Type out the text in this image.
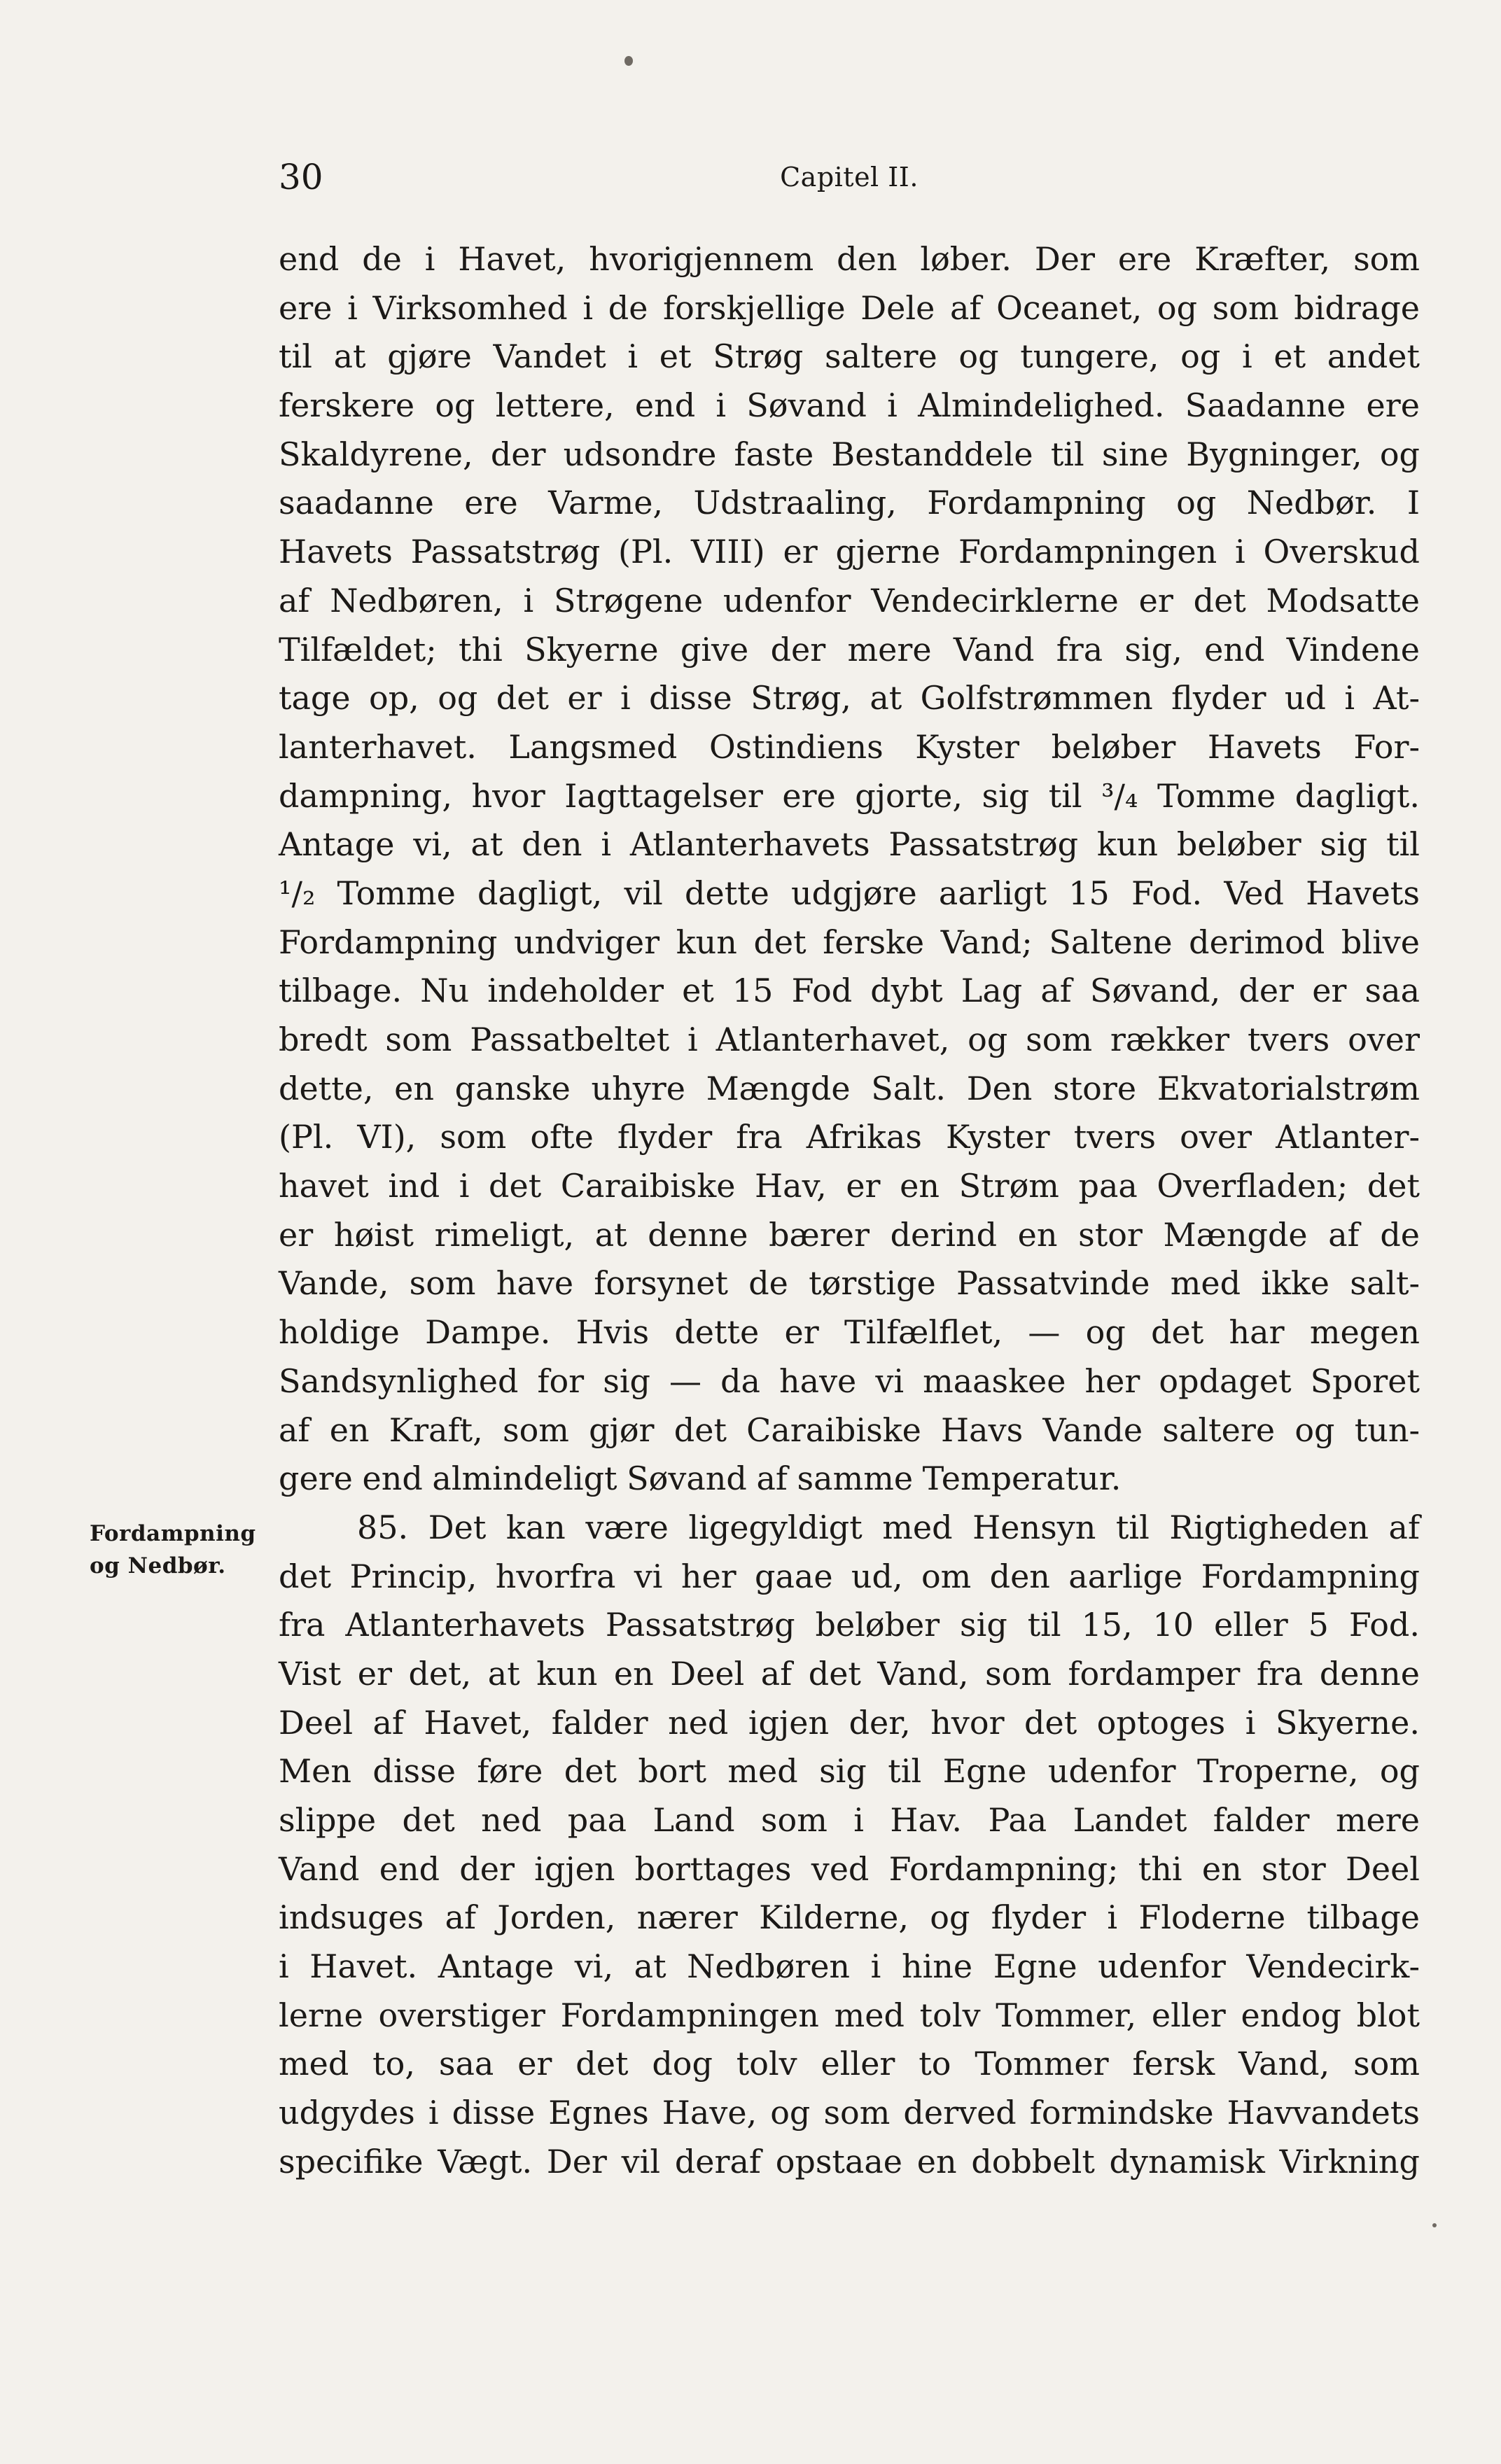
30	Capitel II.
Fordampning
og Nedbør.
end de i Havet, hvorigjennem den løber. Der ere Kræfter, som
ere i Virksomhed i de forskjellige Dele af Oceanet, og som bidrage
til at gjøre Vandet i et Strøg saltere og tungere, og i et andet
ferskere og lettere, end i Søvand i Almindelighed. Saadanne ere
Skaldyrene, der udsondre faste Bestanddele til sine Bygninger, og
saadanne ere Varme, Udstraaling, Fordampning og Nedbør. I
Havets Passatstrøg (Pl. VIII) er gjerne Fordampningen i Overskud
af Nedbøren, i Strøgene udenfor Vendecirklerne er det Modsatte
Tilfældet; thi Skyerne give der mere Vand fra sig, end Vindene
tage op, og det er i disse Strøg, at Golfstrømmen flyder ud i At-
lanterhavet. Langsmed Ostindiens Kyster beløber Havets For-
dampning, hvor Iagttagelser ere gjorte, sig til ³/₄ Tomme dagligt.
Antage vi, at den i Atlanterhavets Passatstrøg kun beløber sig til
¹/₂ Tomme dagligt, vil dette udgjøre aarligt 15 Fod. Ved Havets
Fordampning undviger kun det ferske Vand; Saltene derimod blive
tilbage. Nu indeholder et 15 Fod dybt Lag af Søvand, der er saa
bredt som Passatbeltet i Atlanterhavet, og som rækker tvers over
dette, en ganske uhyre Mængde Salt. Den store Ekvatorialstrøm
(Pl. VI), som ofte flyder fra Afrikas Kyster tvers over Atlanter-
havet ind i det Caraibiske Hav, er en Strøm paa Overfladen; det
er høist rimeligt, at denne bærer derind en stor Mængde af de
Vande, som have forsynet de tørstige Passatvinde med ikke salt-
holdige Dampe. Hvis dette er Tilfælflet, — og det har megen
Sandsynlighed for sig — da have vi maaskee her opdaget Sporet
af en Kraft, som gjør det Caraibiske Havs Vande saltere og tun-
gere end almindeligt Søvand af samme Temperatur.
85. Det kan være ligegyldigt med Hensyn til Rigtigheden af
det Princip, hvorfra vi her gaae ud, om den aarlige Fordampning
fra Atlanterhavets Passatstrøg beløber sig til 15, 10 eller 5 Fod.
Vist er det, at kun en Deel af det Vand, som fordamper fra denne
Deel af Havet, falder ned igjen der, hvor det optoges i Skyerne.
Men disse føre det bort med sig til Egne udenfor Troperne, og
slippe det ned paa Land som i Hav. Paa Landet falder mere
Vand end der igjen borttages ved Fordampning; thi en stor Deel
indsuges af Jorden, nærer Kilderne, og flyder i Floderne tilbage
i Havet. Antage vi, at Nedbøren i hine Egne udenfor Vendecirk-
lerne overstiger Fordampningen med tolv Tommer, eller endog blot
med to, saa er det dog tolv eller to Tommer fersk Vand, som
udgydes i disse Egnes Have, og som derved formindske Havvandets
specifike Vægt. Der vil deraf opstaae en dobbelt dynamisk Virkning
